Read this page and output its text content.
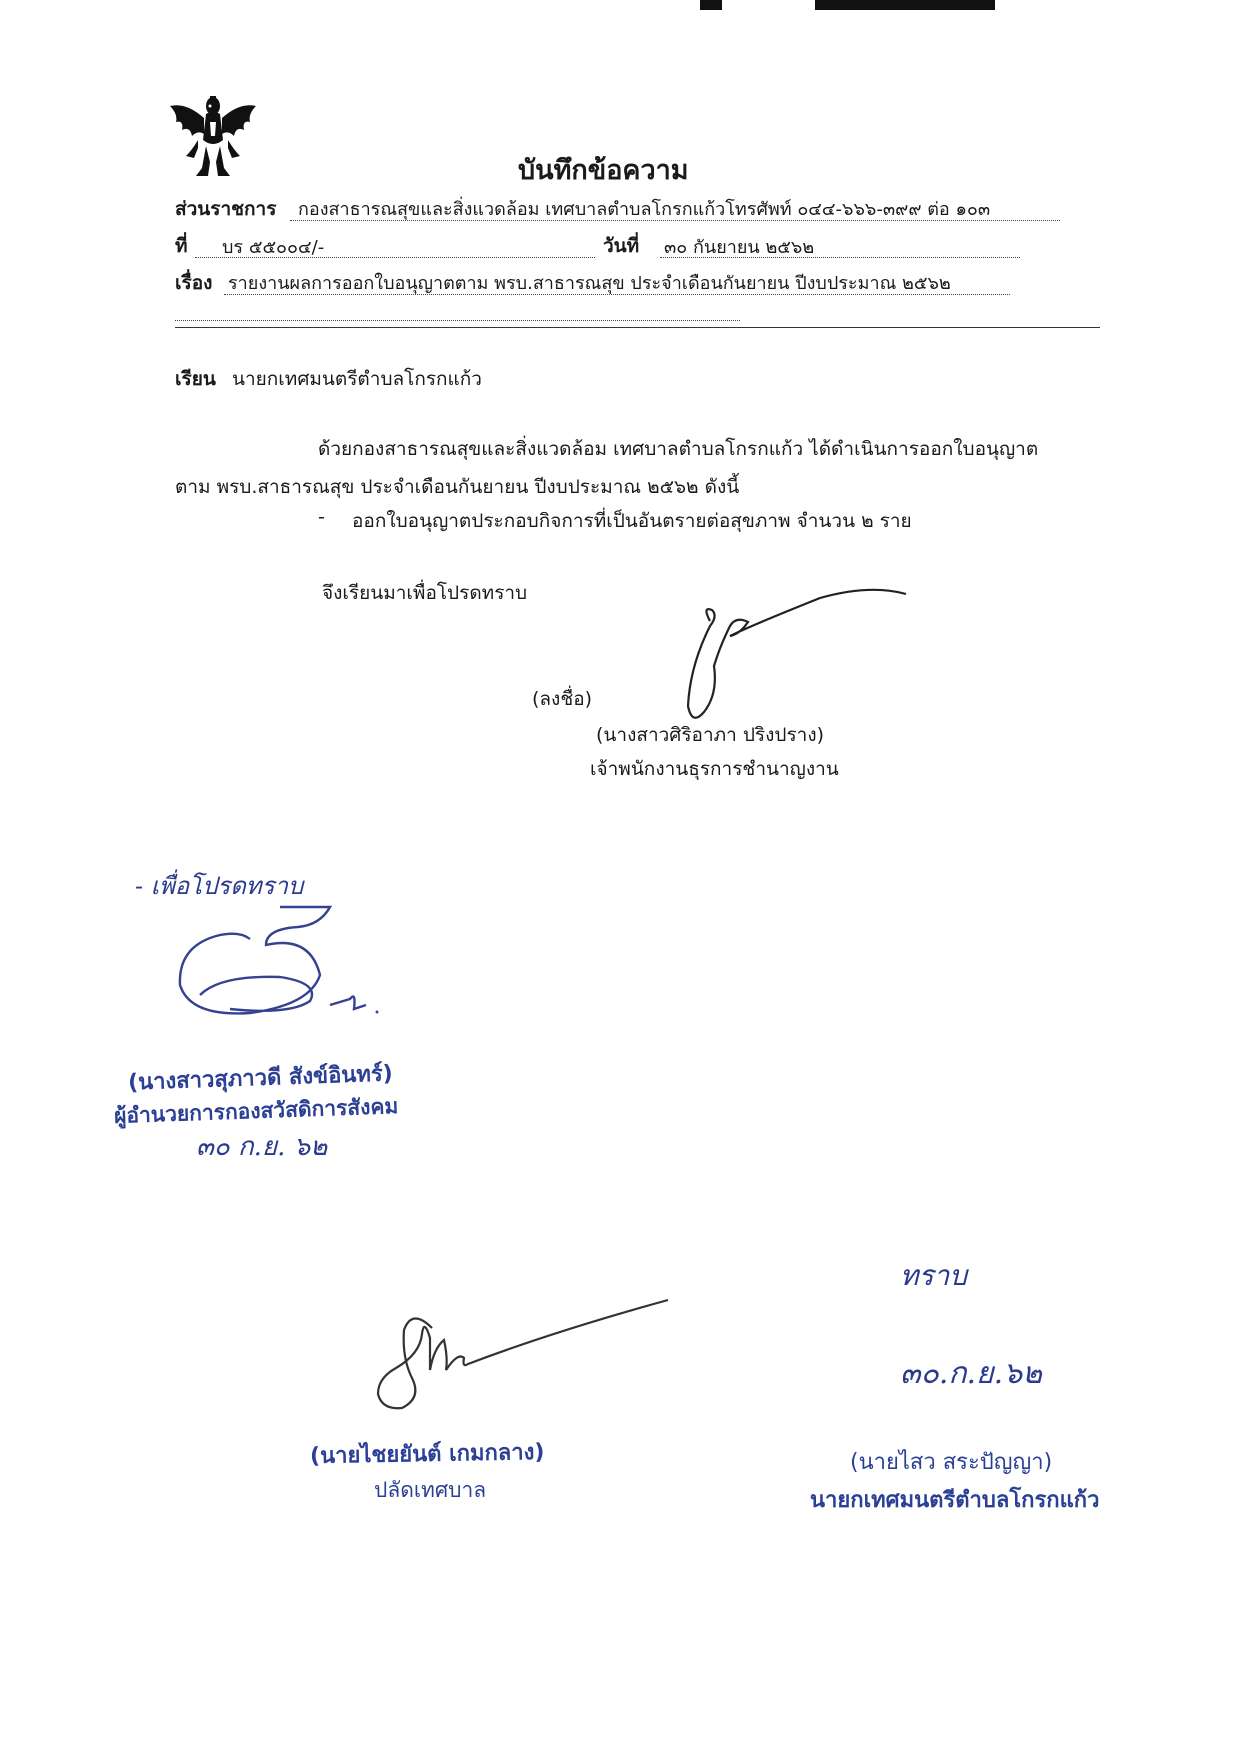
บันทึกข้อความ
ส่วนราชการ กองสาธารณสุขและสิ่งแวดล้อม เทศบาลตำบลโกรกแก้วโทรศัพท์ ๐๔๔-๖๖๖-๓๙๙ ต่อ ๑๐๓
ที่ บร ๕๕๐๐๔/-	วันที่ ๓๐ กันยายน ๒๕๖๒
เรื่อง รายงานผลการออกใบอนุญาตตาม พรบ.สาธารณสุข ประจำเดือนกันยายน ปีงบประมาณ ๒๕๖๒
เรียน นายกเทศมนตรีตำบลโกรกแก้ว
ด้วยกองสาธารณสุขและสิ่งแวดล้อม เทศบาลตำบลโกรกแก้ว ได้ดำเนินการออกใบอนุญาต
ตาม พรบ.สาธารณสุข ประจำเดือนกันยายน ปีงบประมาณ ๒๕๖๒ ดังนี้
- ออกใบอนุญาตประกอบกิจการที่เป็นอันตรายต่อสุขภาพ จำนวน ๒ ราย
จึงเรียนมาเพื่อโปรดทราบ
(ลงชื่อ)
(นางสาวศิริอาภา ปริงปราง)
เจ้าพนักงานธุรการชำนาญงาน
- เพื่อโปรดทราบ
(นางสาวสุภาวดี สังข์อินทร์)
ผู้อำนวยการกองสวัสดิการสังคม
๓๐ ก.ย. ๖๒
(นายไชยยันต์ เกมกลาง)
ปลัดเทศบาล
ทราบ
๓๐.ก.ย.๖๒
(นายไสว สระปัญญา)
นายกเทศมนตรีตำบลโกรกแก้ว
